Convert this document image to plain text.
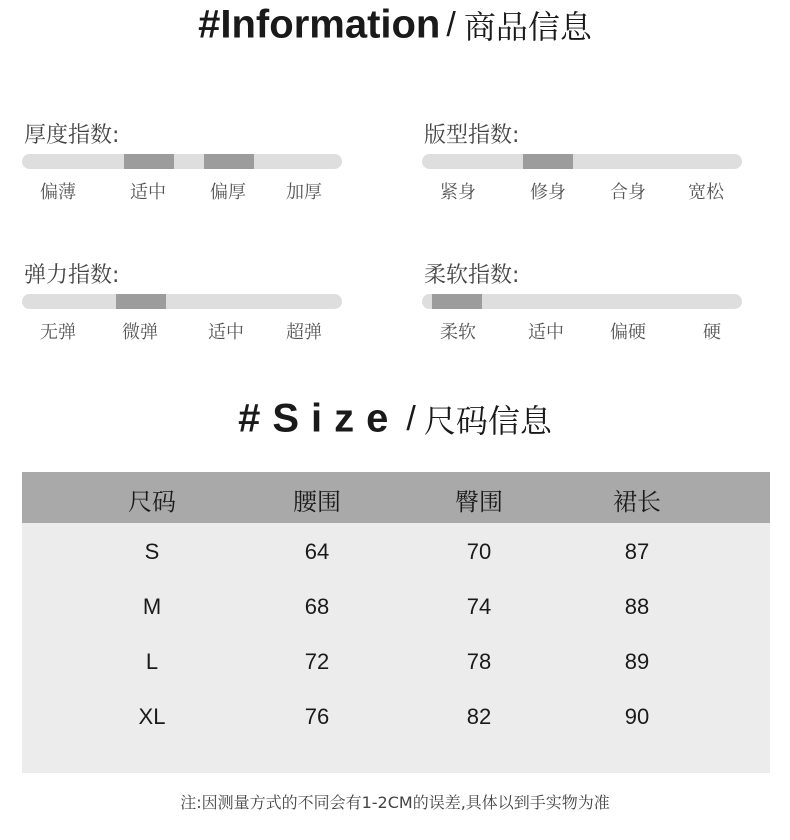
#Information / 商品信息
厚度指数:
偏薄	适中	偏厚	加厚
版型指数:
紧身	修身	合身	宽松
弹力指数:
无弹	微弹	适中	超弹
柔软指数:
柔软	适中	偏硬	硬
#Size / 尺码信息
尺码	腰围	臀围	裙长
S	64	70	87
M	68	74	88
L	72	78	89
XL	76	82	90
注:因测量方式的不同会有1-2CM的误差,具体以到手实物为准
